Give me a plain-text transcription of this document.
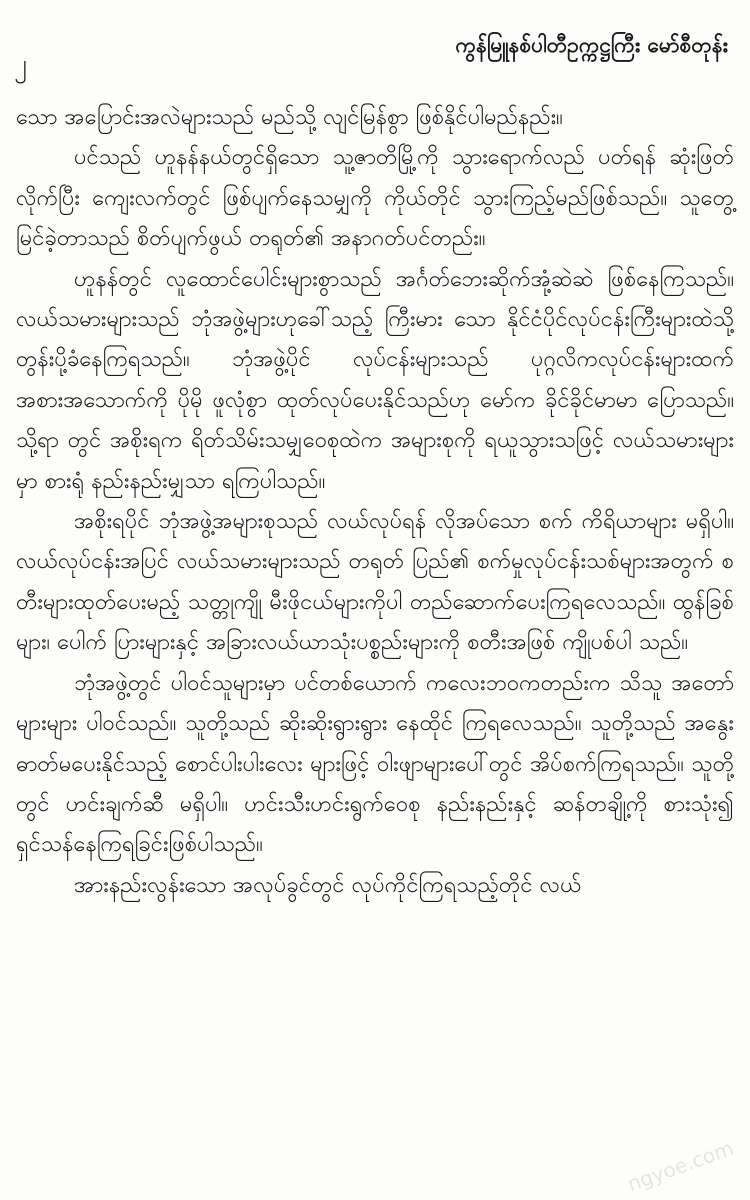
၂
ကွန်မြူနစ်ပါတီဥက္ကဋ္ဌကြီး မော်စီတုန်း

သော အပြောင်းအလဲများသည် မည်သို့ လျင်မြန်စွာ ဖြစ်နိုင်ပါမည်နည်း။

ပင်သည် ဟူနန်နယ်တွင်ရှိသော သူ့ဇာတိမြို့ကို သွားရောက်လည် ပတ်ရန် ဆုံးဖြတ်လိုက်ပြီး ကျေးလက်တွင် ဖြစ်ပျက်နေသမျှကို ကိုယ်တိုင် သွားကြည့်မည်ဖြစ်သည်။ သူတွေ့မြင်ခဲ့တာသည် စိတ်ပျက်ဖွယ် တရုတ်၏ အနာဂတ်ပင်တည်း။

ဟူနန်တွင် လူထောင်ပေါင်းများစွာသည် အင်္ဂတ်ဘေးဆိုက်အုံ့ဆဲဆဲ ဖြစ်နေကြသည်။ လယ်သမားများသည် ဘုံအဖွဲ့များဟုခေါ်သည့် ကြီးမား သော နိုင်ငံပိုင်လုပ်ငန်းကြီးများထဲသို့ တွန်းပို့ခံနေကြရသည်။ ဘုံအဖွဲ့ပိုင် လုပ်ငန်းများသည် ပုဂ္ဂလိကလုပ်ငန်းများထက် အစားအသောက်ကို ပိုမို ဖူလုံစွာ ထုတ်လုပ်ပေးနိုင်သည်ဟု မော်က ခိုင်ခိုင်မာမာ ပြောသည်။ သို့ရာ တွင် အစိုးရက ရိတ်သိမ်းသမျှဝေစုထဲက အများစုကို ရယူသွားသဖြင့် လယ်သမားများမှာ စားရုံ နည်းနည်းမျှသာ ရကြပါသည်။

အစိုးရပိုင် ဘုံအဖွဲ့အများစုသည် လယ်လုပ်ရန် လိုအပ်သော စက် ကိရိယာများ မရှိပါ။ လယ်လုပ်ငန်းအပြင် လယ်သမားများသည် တရုတ် ပြည်၏ စက်မှုလုပ်ငန်းသစ်များအတွက် စတီးများထုတ်ပေးမည့် သတ္တုကျို မီးဖိုငယ်များကိုပါ တည်ဆောက်ပေးကြရလေသည်။ ထွန်ခြစ်များ၊ ပေါက် ပြားများနှင့် အခြားလယ်ယာသုံးပစ္စည်းများကို စတီးအဖြစ် ကျိုပစ်ပါ သည်။

ဘုံအဖွဲ့တွင် ပါဝင်သူများမှာ ပင်တစ်ယောက် ကလေးဘဝကတည်းက သိသူ အတော်များများ ပါဝင်သည်။ သူတို့သည် ဆိုးဆိုးရွားရွား နေထိုင် ကြရလေသည်။ သူတို့သည် အနွေးဓာတ်မပေးနိုင်သည့် စောင်ပါးပါးလေး များဖြင့် ဝါးဖျာများပေါ်တွင် အိပ်စက်ကြရသည်။ သူတို့တွင် ဟင်းချက်ဆီ မရှိပါ။ ဟင်းသီးဟင်းရွက်ဝေစု နည်းနည်းနှင့် ဆန်တချို့ကို စားသုံး၍ ရှင်သန်နေကြရခြင်းဖြစ်ပါသည်။

အားနည်းလွန်းသော အလုပ်ခွင်တွင် လုပ်ကိုင်ကြရသည့်တိုင် လယ်

ngyoe.com
